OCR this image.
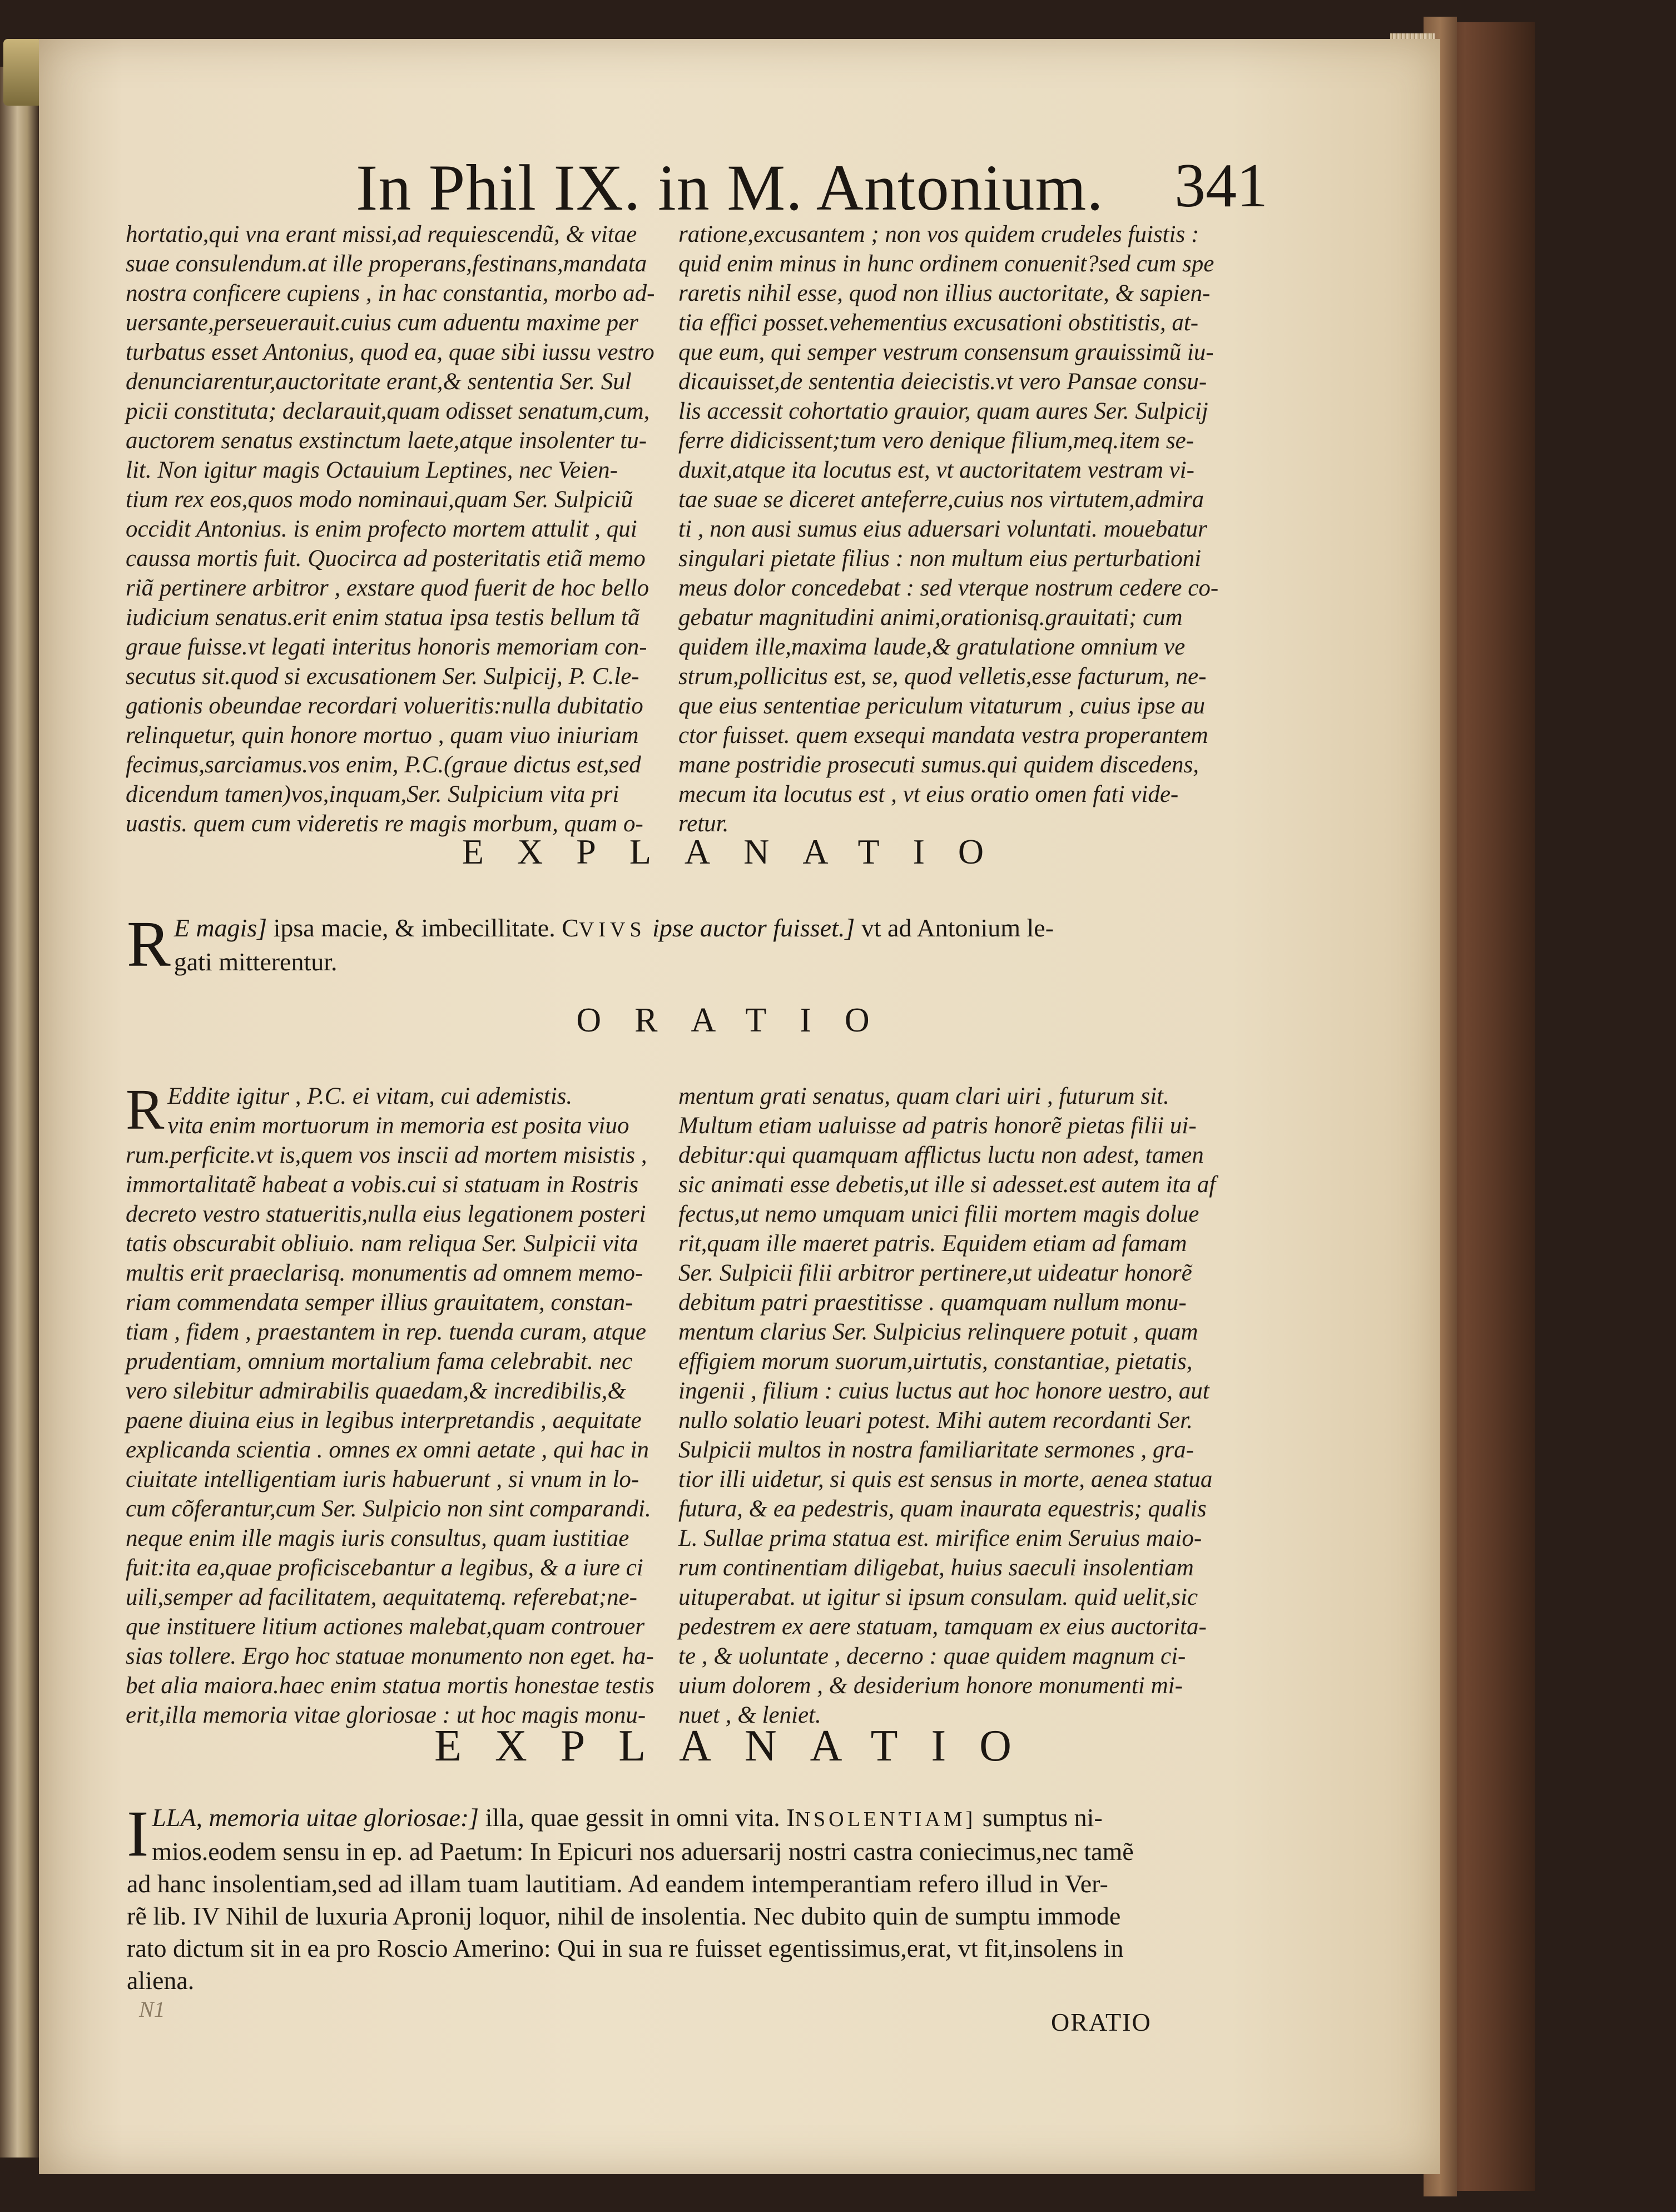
In Phil IX. in M. Antonium.	341
hortatio,qui vna erant missi,ad requiescendũ, & vitae
suae consulendum.at ille properans,festinans,mandata
nostra conficere cupiens , in hac constantia, morbo ad-
uersante,perseuerauit.cuius cum aduentu maxime per
turbatus esset Antonius, quod ea, quae sibi iussu vestro
denunciarentur,auctoritate erant,& sententia Ser. Sul
picii constituta; declarauit,quam odisset senatum,cum,
auctorem senatus exstinctum laete,atque insolenter tu-
lit. Non igitur magis Octauium Leptines, nec Veien-
tium rex eos,quos modo nominaui,quam Ser. Sulpiciũ
occidit Antonius. is enim profecto mortem attulit , qui
caussa mortis fuit. Quocirca ad posteritatis etiã memo
riã pertinere arbitror , exstare quod fuerit de hoc bello
iudicium senatus.erit enim statua ipsa testis bellum tã
graue fuisse.vt legati interitus honoris memoriam con-
secutus sit.quod si excusationem Ser. Sulpicij, P. C.le-
gationis obeundae recordari volueritis:nulla dubitatio
relinquetur, quin honore mortuo , quam viuo iniuriam
fecimus,sarciamus.vos enim, P.C.(graue dictus est,sed
dicendum tamen)vos,inquam,Ser. Sulpicium vita pri
uastis. quem cum videretis re magis morbum, quam o-
ratione,excusantem ; non vos quidem crudeles fuistis :
quid enim minus in hunc ordinem conuenit?sed cum spe
raretis nihil esse, quod non illius auctoritate, & sapien-
tia effici posset.vehementius excusationi obstitistis, at-
que eum, qui semper vestrum consensum grauissimũ iu-
dicauisset,de sententia deiecistis.vt vero Pansae consu-
lis accessit cohortatio grauior, quam aures Ser. Sulpicij
ferre didicissent;tum vero denique filium,meq.item se-
duxit,atque ita locutus est, vt auctoritatem vestram vi-
tae suae se diceret anteferre,cuius nos virtutem,admira
ti , non ausi sumus eius aduersari voluntati. mouebatur
singulari pietate filius : non multum eius perturbationi
meus dolor concedebat : sed vterque nostrum cedere co-
gebatur magnitudini animi,orationisq.grauitati; cum
quidem ille,maxima laude,& gratulatione omnium ve
strum,pollicitus est, se, quod velletis,esse facturum, ne-
que eius sententiae periculum vitaturum , cuius ipse au
ctor fuisset. quem exsequi mandata vestra properantem
mane postridie prosecuti sumus.qui quidem discedens,
mecum ita locutus est , vt eius oratio omen fati vide-
retur.
EXPLANATIO
R E magis] ipsa macie, & imbecillitate. CVIVS ipse auctor fuisset.] vt ad Antonium le-
gati mitterentur.
ORATIO
R Eddite igitur , P.C. ei vitam, cui ademistis.
vita enim mortuorum in memoria est posita viuo
rum.perficite.vt is,quem vos inscii ad mortem misistis ,
immortalitatẽ habeat a vobis.cui si statuam in Rostris
decreto vestro statueritis,nulla eius legationem posteri
tatis obscurabit obliuio. nam reliqua Ser. Sulpicii vita
multis erit praeclarisq. monumentis ad omnem memo-
riam commendata semper illius grauitatem, constan-
tiam , fidem , praestantem in rep. tuenda curam, atque
prudentiam, omnium mortalium fama celebrabit. nec
vero silebitur admirabilis quaedam,& incredibilis,&
paene diuina eius in legibus interpretandis , aequitate
explicanda scientia . omnes ex omni aetate , qui hac in
ciuitate intelligentiam iuris habuerunt , si vnum in lo-
cum cõferantur,cum Ser. Sulpicio non sint comparandi.
neque enim ille magis iuris consultus, quam iustitiae
fuit:ita ea,quae proficiscebantur a legibus, & a iure ci
uili,semper ad facilitatem, aequitatemq. referebat;ne-
que instituere litium actiones malebat,quam controuer
sias tollere. Ergo hoc statuae monumento non eget. ha-
bet alia maiora.haec enim statua mortis honestae testis
erit,illa memoria vitae gloriosae : ut hoc magis monu-
mentum grati senatus, quam clari uiri , futurum sit.
Multum etiam ualuisse ad patris honorẽ pietas filii ui-
debitur:qui quamquam afflictus luctu non adest, tamen
sic animati esse debetis,ut ille si adesset.est autem ita af
fectus,ut nemo umquam unici filii mortem magis dolue
rit,quam ille maeret patris. Equidem etiam ad famam
Ser. Sulpicii filii arbitror pertinere,ut uideatur honorẽ
debitum patri praestitisse . quamquam nullum monu-
mentum clarius Ser. Sulpicius relinquere potuit , quam
effigiem morum suorum,uirtutis, constantiae, pietatis,
ingenii , filium : cuius luctus aut hoc honore uestro, aut
nullo solatio leuari potest. Mihi autem recordanti Ser.
Sulpicii multos in nostra familiaritate sermones , gra-
tior illi uidetur, si quis est sensus in morte, aenea statua
futura, & ea pedestris, quam inaurata equestris; qualis
L. Sullae prima statua est. mirifice enim Seruius maio-
rum continentiam diligebat, huius saeculi insolentiam
uituperabat. ut igitur si ipsum consulam. quid uelit,sic
pedestrem ex aere statuam, tamquam ex eius auctorita-
te , & uoluntate , decerno : quae quidem magnum ci-
uium dolorem , & desiderium honore monumenti mi-
nuet , & leniet.
EXPLANATIO
I LLA, memoria uitae gloriosae:] illa, quae gessit in omni vita. INSOLENTIAM] sumptus ni-
mios.eodem sensu in ep. ad Paetum: In Epicuri nos aduersarij nostri castra coniecimus,nec tamẽ
ad hanc insolentiam,sed ad illam tuam lautitiam. Ad eandem intemperantiam refero illud in Ver-
rẽ lib. IV Nihil de luxuria Apronij loquor, nihil de insolentia. Nec dubito quin de sumptu immode
rato dictum sit in ea pro Roscio Amerino: Qui in sua re fuisset egentissimus,erat, vt fit,insolens in
aliena.
N1	ORATIO
